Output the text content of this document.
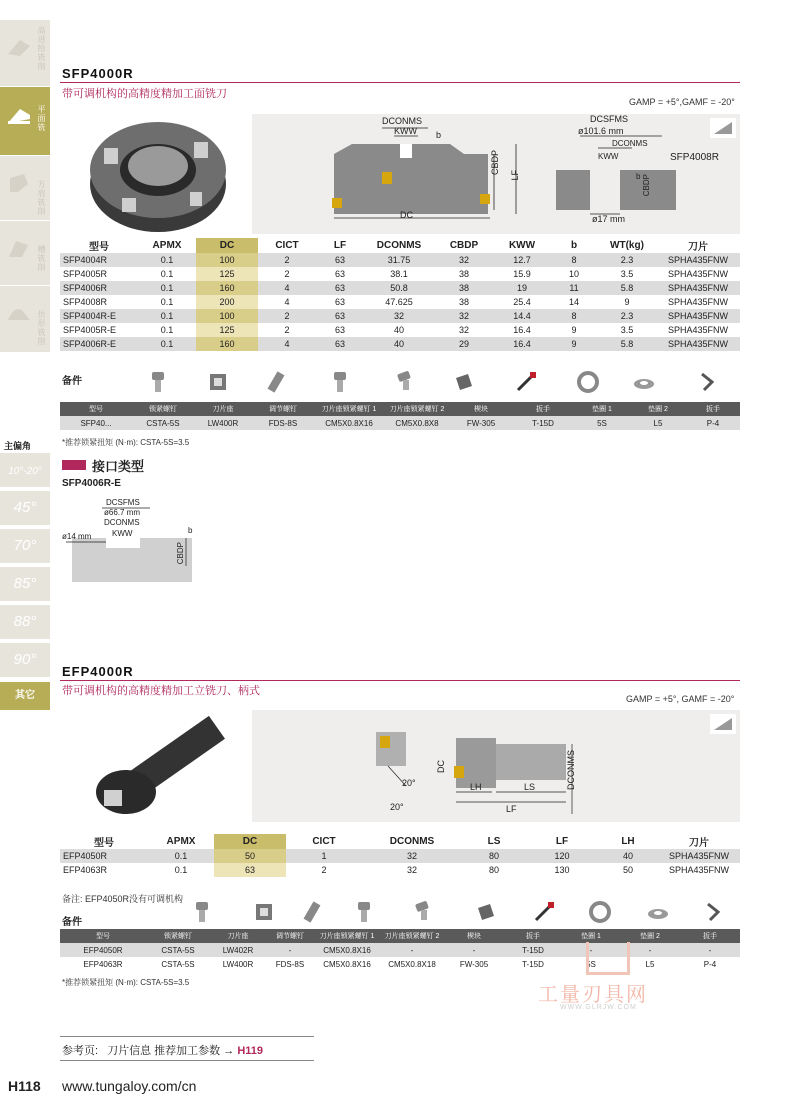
高进给铣削
平面铣
方肩铣削
槽铣削
仿形铣削
主偏角
10°-20°
45°
70°
85°
88°
90°
其它
SFP4000R
带可调机构的高精度精加工面铣刀
GAMP = +5°,GAMF = -20°
DCONMS
KWW b
CBDP
LF
DC
DCSFMS
ø101.6 mm
DCONMS
KWW
CBDP
b
ø17 mm
SFP4008R
型号	APMX	DC	CICT	LF	DCONMS	CBDP	KWW	b	WT(kg)	刀片
SFP4004R	0.1	100	2	63	31.75	32	12.7	8	2.3	SPHA435FNW
SFP4005R	0.1	125	2	63	38.1	38	15.9	10	3.5	SPHA435FNW
SFP4006R	0.1	160	4	63	50.8	38	19	11	5.8	SPHA435FNW
SFP4008R	0.1	200	4	63	47.625	38	25.4	14	9	SPHA435FNW
SFP4004R-E	0.1	100	2	63	32	32	14.4	8	2.3	SPHA435FNW
SFP4005R-E	0.1	125	2	63	40	32	16.4	9	3.5	SPHA435FNW
SFP4006R-E	0.1	160	4	63	40	29	16.4	9	5.8	SPHA435FNW
备件
型号	锁紧螺钉	刀片座	调节螺钉	刀片座锁紧螺钉 1	刀片座锁紧螺钉 2	楔块	扳手	垫圈 1	垫圈 2	扳手
SFP40...	CSTA-5S	LW400R	FDS-8S	CM5X0.8X16	CM5X0.8X8	FW-305	T-15D	5S	L5	P-4
*推荐锁紧扭矩 (N·m): CSTA-5S=3.5
接口类型
SFP4006R-E
DCSFMS
ø66.7 mm
DCONMS
KWW
ø14 mm
b
CBDP
EFP4000R
带可调机构的高精度精加工立铣刀、柄式
GAMP = +5°, GAMF = -20°
20°
20°
DC
LH	LS
LF
DCONMS
型号	APMX	DC	CICT	DCONMS	LS	LF	LH	刀片
EFP4050R	0.1	50	1	32	80	120	40	SPHA435FNW
EFP4063R	0.1	63	2	32	80	130	50	SPHA435FNW
备注: EFP4050R没有可调机构
备件
型号	锁紧螺钉	刀片座	调节螺钉	刀片座锁紧螺钉 1	刀片座锁紧螺钉 2	楔块	扳手	垫圈 1	垫圈 2	扳手
EFP4050R	CSTA-5S	LW402R	-	CM5X0.8X16	-	-	T-15D	-	-	-
EFP4063R	CSTA-5S	LW400R	FDS-8S	CM5X0.8X16	CM5X0.8X18	FW-305	T-15D	5S	L5	P-4
*推荐锁紧扭矩 (N·m): CSTA-5S=3.5
工量刃具网
WWW.GLRJW.COM
参考页: 刀片信息 推荐加工参数 → H119
H118 www.tungaloy.com/cn
